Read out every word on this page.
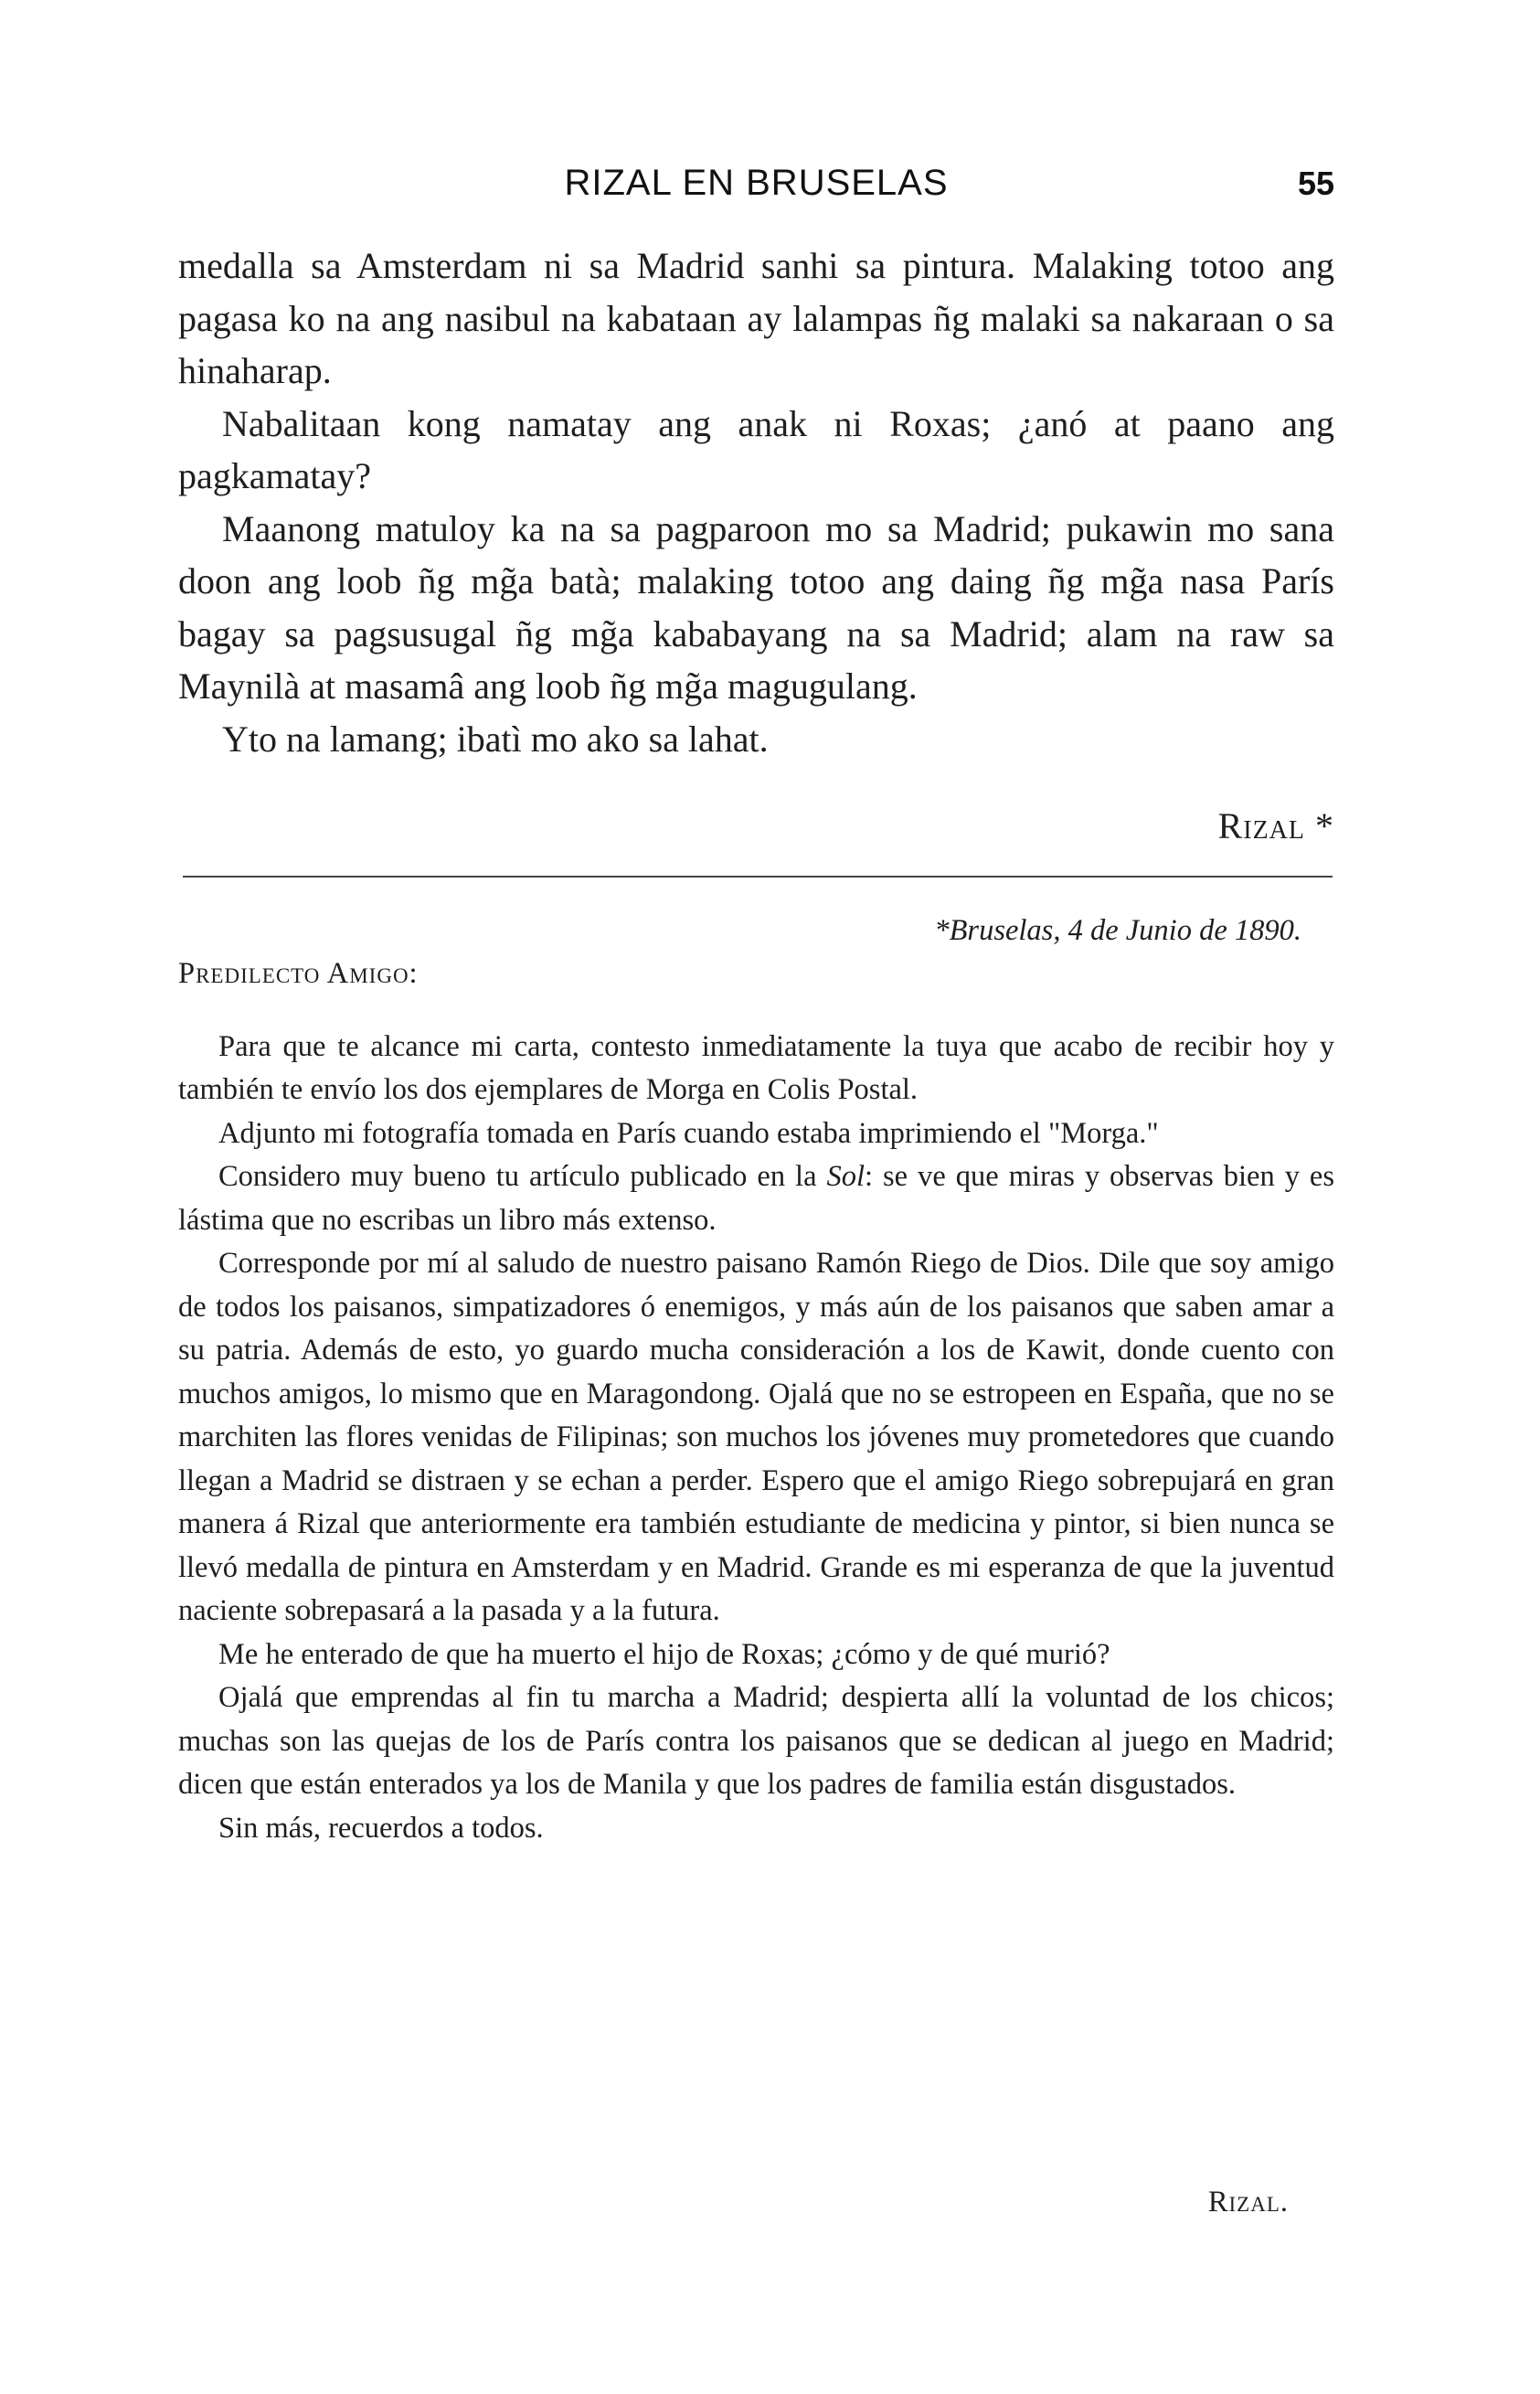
RIZAL EN BRUSELAS	55

medalla sa Amsterdam ni sa Madrid sanhi sa pintura. Malaking totoo ang pagasa ko na ang nasibul na kabataan ay lalampas ñg malaki sa nakaraan o sa hinaharap.

Nabalitaan kong namatay ang anak ni Roxas; ¿anó at paano ang pagkamatay?

Maanong matuloy ka na sa pagparoon mo sa Madrid; pukawin mo sana doon ang loob ñg mg̃a batà; malaking totoo ang daing ñg mg̃a nasa París bagay sa pagsusugal ñg mg̃a kababayang na sa Madrid; alam na raw sa Maynilà at masamâ ang loob ñg mg̃a magugulang.

Yto na lamang; ibatì mo ako sa lahat.

Rizal *
*Bruselas, 4 de Junio de 1890.
Predilecto Amigo:

Para que te alcance mi carta, contesto inmediatamente la tuya que acabo de recibir hoy y también te envío los dos ejemplares de Morga en Colis Postal.

Adjunto mi fotografía tomada en París cuando estaba imprimiendo el "Morga."

Considero muy bueno tu artículo publicado en la Sol: se ve que miras y observas bien y es lástima que no escribas un libro más extenso.

Corresponde por mí al saludo de nuestro paisano Ramón Riego de Dios. Dile que soy amigo de todos los paisanos, simpatizadores ó enemigos, y más aún de los paisanos que saben amar a su patria. Además de esto, yo guardo mucha consideración a los de Kawit, donde cuento con muchos amigos, lo mismo que en Maragondong. Ojalá que no se estropeen en España, que no se marchiten las flores venidas de Filipinas; son muchos los jóvenes muy prometedores que cuando llegan a Madrid se distraen y se echan a perder. Espero que el amigo Riego sobrepujará en gran manera á Rizal que anteriormente era también estudiante de medicina y pintor, si bien nunca se llevó medalla de pintura en Amsterdam y en Madrid. Grande es mi esperanza de que la juventud naciente sobrepasará a la pasada y a la futura.

Me he enterado de que ha muerto el hijo de Roxas; ¿cómo y de qué murió?

Ojalá que emprendas al fin tu marcha a Madrid; despierta allí la voluntad de los chicos; muchas son las quejas de los de París contra los paisanos que se dedican al juego en Madrid; dicen que están enterados ya los de Manila y que los padres de familia están disgustados.

Sin más, recuerdos a todos.

Rizal.
